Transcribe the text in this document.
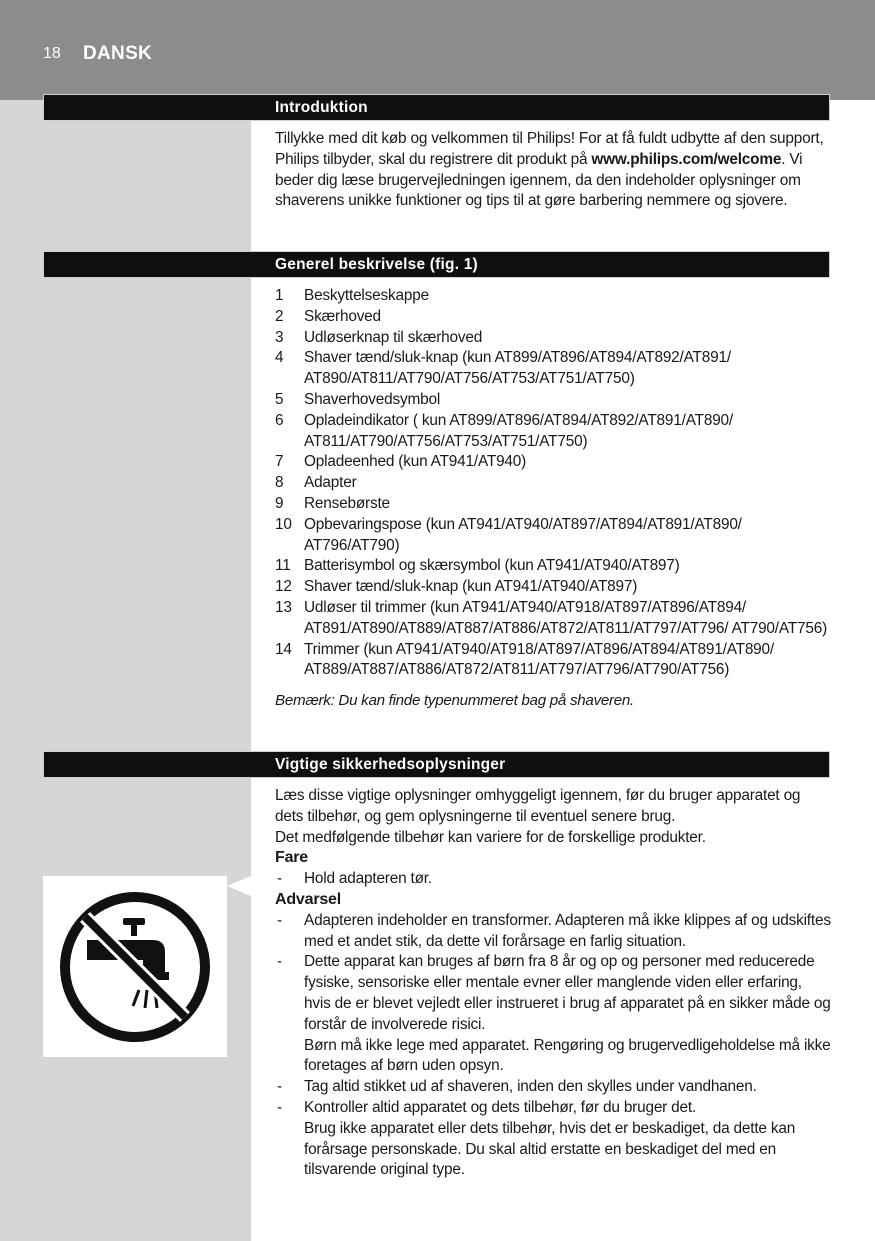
18 DANSK
Introduktion

Tillykke med dit køb og velkommen til Philips! For at få fuldt udbytte af den support, Philips tilbyder, skal du registrere dit produkt på www.philips.com/welcome. Vi beder dig læse brugervejledningen igennem, da den indeholder oplysninger om shaverens unikke funktioner og tips til at gøre barbering nemmere og sjovere.

Generel beskrivelse (fig. 1)
1 Beskyttelseskappe
2 Skærhoved
3 Udløserknap til skærhoved
4 Shaver tænd/sluk-knap (kun AT899/AT896/AT894/AT892/AT891/ AT890/AT811/AT790/AT756/AT753/AT751/AT750)
5 Shaverhovedsymbol
6 Opladeindikator ( kun AT899/AT896/AT894/AT892/AT891/AT890/ AT811/AT790/AT756/AT753/AT751/AT750)
7 Opladeenhed (kun AT941/AT940)
8 Adapter
9 Rensebørste
10 Opbevaringspose (kun AT941/AT940/AT897/AT894/AT891/AT890/ AT796/AT790)
11 Batterisymbol og skærsymbol (kun AT941/AT940/AT897)
12 Shaver tænd/sluk-knap (kun AT941/AT940/AT897)
13 Udløser til trimmer (kun AT941/AT940/AT918/AT897/AT896/AT894/ AT891/AT890/AT889/AT887/AT886/AT872/AT811/AT797/AT796/ AT790/AT756)
14 Trimmer (kun AT941/AT940/AT918/AT897/AT896/AT894/AT891/AT890/ AT889/AT887/AT886/AT872/AT811/AT797/AT796/AT790/AT756)

Bemærk: Du kan finde typenummeret bag på shaveren.

Vigtige sikkerhedsoplysninger

Læs disse vigtige oplysninger omhyggeligt igennem, før du bruger apparatet og dets tilbehør, og gem oplysningerne til eventuel senere brug.

Det medfølgende tilbehør kan variere for de forskellige produkter.

Fare

- Hold adapteren tør.

Advarsel

- Adapteren indeholder en transformer. Adapteren må ikke klippes af og udskiftes med et andet stik, da dette vil forårsage en farlig situation.
- Dette apparat kan bruges af børn fra 8 år og op og personer med reducerede fysiske, sensoriske eller mentale evner eller manglende viden eller erfaring, hvis de er blevet vejledt eller instrueret i brug af apparatet på en sikker måde og forstår de involverede risici.
Børn må ikke lege med apparatet. Rengøring og brugervedligeholdelse må ikke foretages af børn uden opsyn.
- Tag altid stikket ud af shaveren, inden den skylles under vandhanen.
- Kontroller altid apparatet og dets tilbehør, før du bruger det.
Brug ikke apparatet eller dets tilbehør, hvis det er beskadiget, da dette kan forårsage personskade. Du skal altid erstatte en beskadiget del med en tilsvarende original type.
